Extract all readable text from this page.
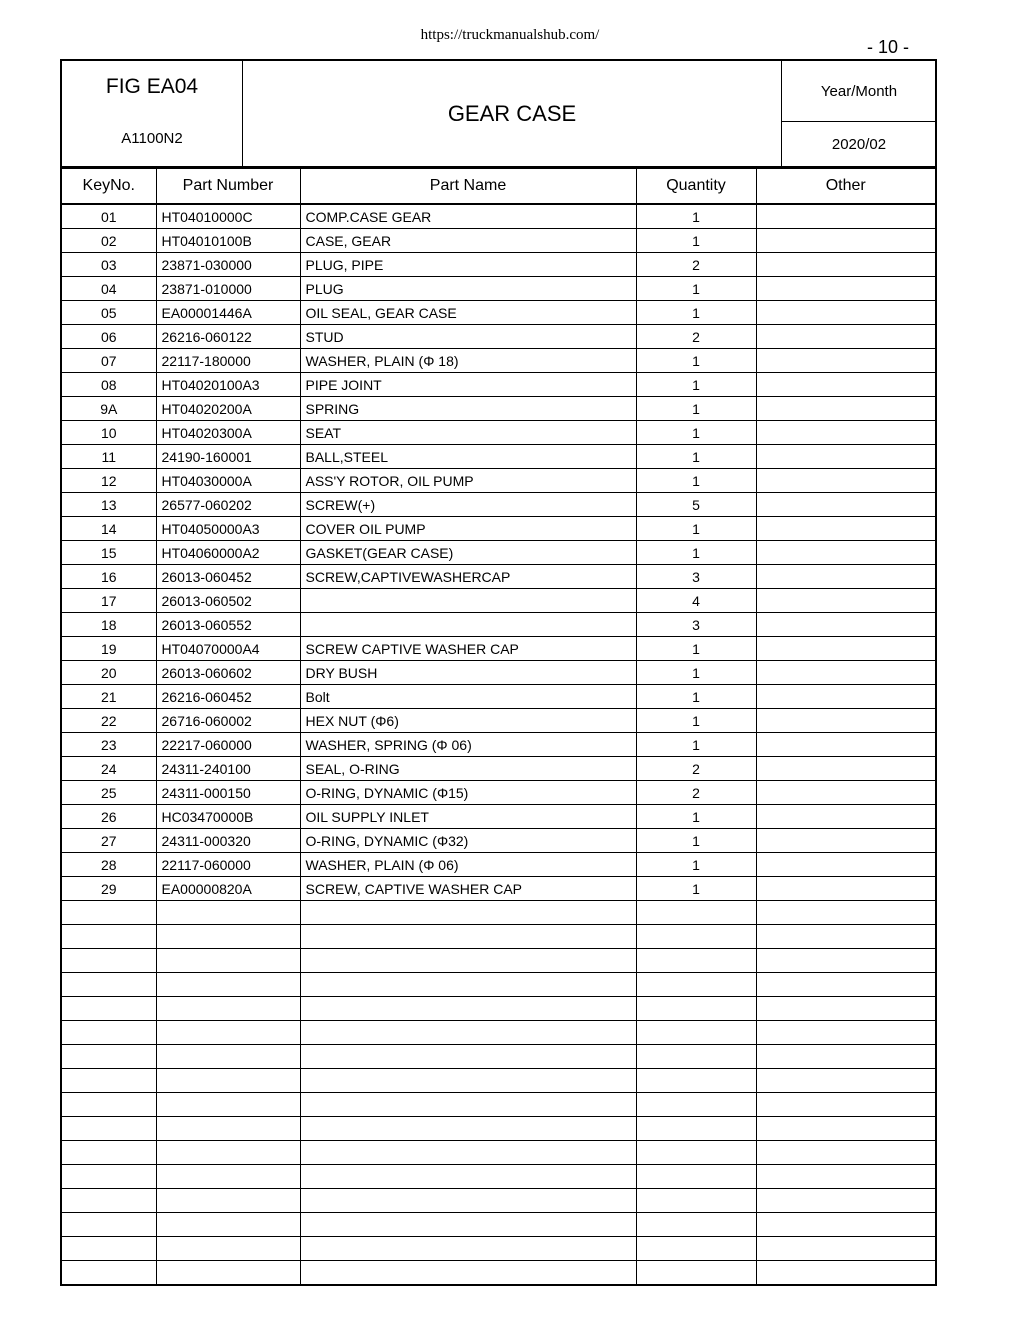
https://truckmanualshub.com/
- 10 -
FIG EA04
A1100N2
GEAR CASE
Year/Month
2020/02
KeyNo.	Part Number	Part Name	Quantity	Other
01	HT04010000C	COMP.CASE GEAR	1	
02	HT04010100B	CASE, GEAR	1	
03	23871-030000	PLUG, PIPE	2	
04	23871-010000	PLUG	1	
05	EA00001446A	OIL SEAL, GEAR CASE	1	
06	26216-060122	STUD	2	
07	22117-180000	WASHER, PLAIN (Φ 18)	1	
08	HT04020100A3	PIPE JOINT	1	
9A	HT04020200A	SPRING	1	
10	HT04020300A	SEAT	1	
11	24190-160001	BALL,STEEL	1	
12	HT04030000A	ASS'Y ROTOR, OIL PUMP	1	
13	26577-060202	SCREW(+)	5	
14	HT04050000A3	COVER OIL PUMP	1	
15	HT04060000A2	GASKET(GEAR CASE)	1	
16	26013-060452	SCREW,CAPTIVEWASHERCAP	3	
17	26013-060502		4	
18	26013-060552		3	
19	HT04070000A4	SCREW CAPTIVE WASHER CAP	1	
20	26013-060602	DRY BUSH	1	
21	26216-060452	Bolt	1	
22	26716-060002	HEX NUT (Φ6)	1	
23	22217-060000	WASHER, SPRING (Φ 06)	1	
24	24311-240100	SEAL, O-RING	2	
25	24311-000150	O-RING, DYNAMIC (Φ15)	2	
26	HC03470000B	OIL SUPPLY INLET	1	
27	24311-000320	O-RING, DYNAMIC (Φ32)	1	
28	22117-060000	WASHER, PLAIN (Φ 06)	1	
29	EA00000820A	SCREW, CAPTIVE WASHER CAP	1	
